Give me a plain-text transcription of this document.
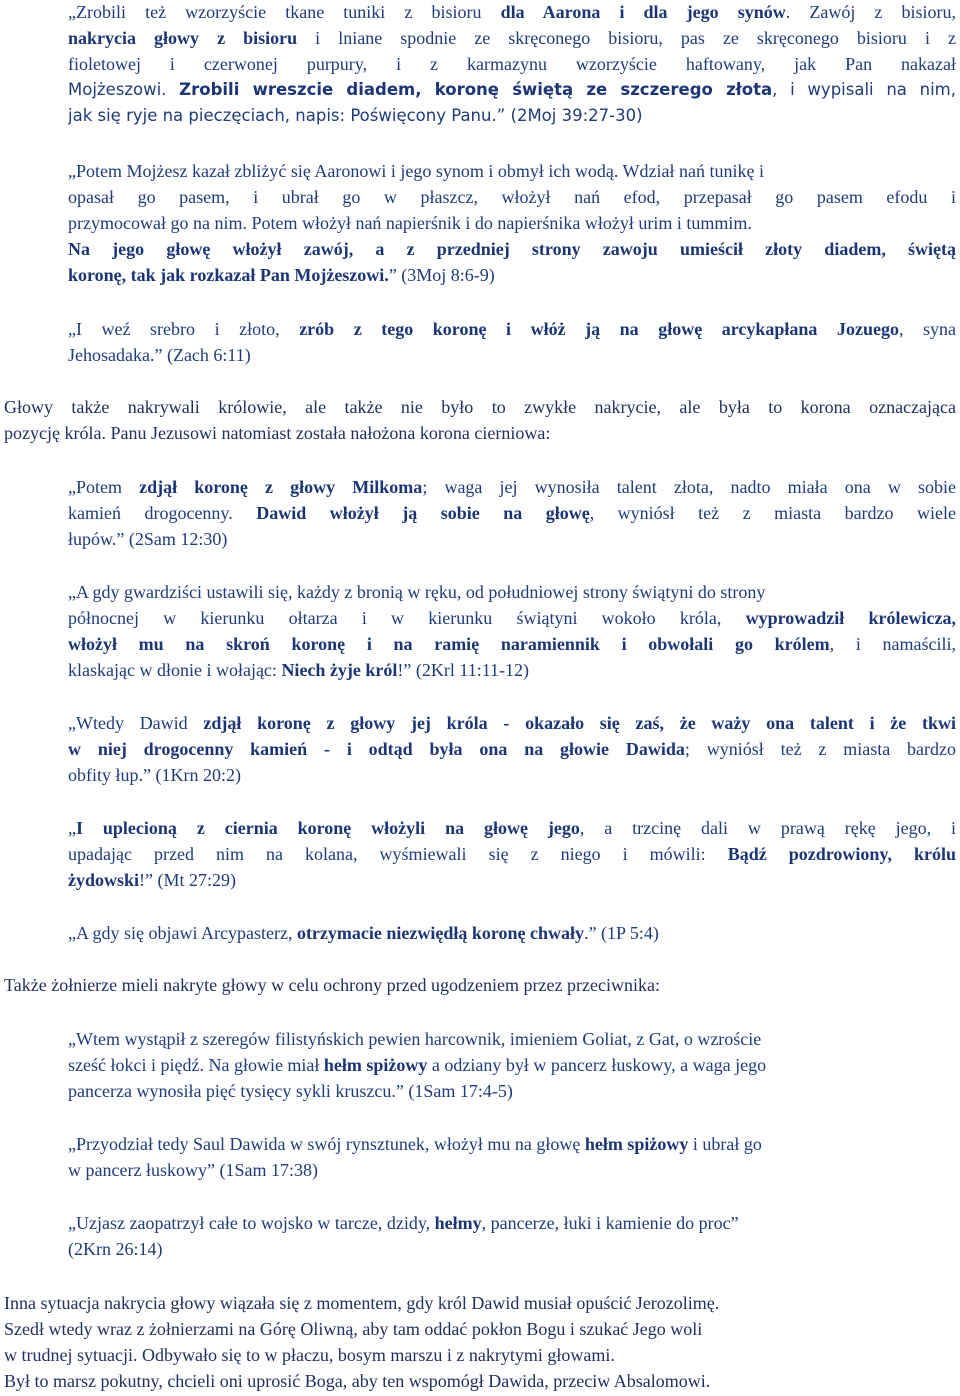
„Zrobili też wzorzyście tkane tuniki z bisioru dla Aarona i dla jego synów. Zawój z bisioru,

nakrycia głowy z bisioru i lniane spodnie ze skręconego bisioru, pas ze skręconego bisioru i z

fioletowej i czerwonej purpury, i z karmazynu wzorzyście haftowany, jak Pan nakazał

Mojżeszowi. Zrobili wreszcie diadem, koronę świętą ze szczerego złota, i wypisali na nim,

jak się ryje na pieczęciach, napis: Poświęcony Panu.” (2Moj 39:27-30)

„Potem Mojżesz kazał zbliżyć się Aaronowi i jego synom i obmył ich wodą. Wdział nań tunikę i

opasał go pasem, i ubrał go w płaszcz, włożył nań efod, przepasał go pasem efodu i

przymocował go na nim. Potem włożył nań napierśnik i do napierśnika włożył urim i tummim.

Na jego głowę włożył zawój, a z przedniej strony zawoju umieścił złoty diadem, świętą

koronę, tak jak rozkazał Pan Mojżeszowi.” (3Moj 8:6-9)

„I weź srebro i złoto, zrób z tego koronę i włóż ją na głowę arcykapłana Jozuego, syna

Jehosadaka.” (Zach 6:11)

Głowy także nakrywali królowie, ale także nie było to zwykłe nakrycie, ale była to korona oznaczająca

pozycję króla. Panu Jezusowi natomiast została nałożona korona cierniowa:

„Potem zdjął koronę z głowy Milkoma; waga jej wynosiła talent złota, nadto miała ona w sobie

kamień drogocenny. Dawid włożył ją sobie na głowę, wyniósł też z miasta bardzo wiele

łupów.” (2Sam 12:30)

„A gdy gwardziści ustawili się, każdy z bronią w ręku, od południowej strony świątyni do strony

północnej w kierunku ołtarza i w kierunku świątyni wokoło króla, wyprowadził królewicza,

włożył mu na skroń koronę i na ramię naramiennik i obwołali go królem, i namaścili,

klaskając w dłonie i wołając: Niech żyje król!” (2Krl 11:11-12)

„Wtedy Dawid zdjął koronę z głowy jej króla - okazało się zaś, że waży ona talent i że tkwi

w niej drogocenny kamień - i odtąd była ona na głowie Dawida; wyniósł też z miasta bardzo

obfity łup.” (1Krn 20:2)

„I uplecioną z ciernia koronę włożyli na głowę jego, a trzcinę dali w prawą rękę jego, i

upadając przed nim na kolana, wyśmiewali się z niego i mówili: Bądź pozdrowiony, królu

żydowski!” (Mt 27:29)

„A gdy się objawi Arcypasterz, otrzymacie niezwiędłą koronę chwały.” (1P 5:4)

Także żołnierze mieli nakryte głowy w celu ochrony przed ugodzeniem przez przeciwnika:

„Wtem wystąpił z szeregów filistyńskich pewien harcownik, imieniem Goliat, z Gat, o wzroście

sześć łokci i piędź. Na głowie miał hełm spiżowy a odziany był w pancerz łuskowy, a waga jego

pancerza wynosiła pięć tysięcy sykli kruszcu.” (1Sam 17:4-5)

„Przyodział tedy Saul Dawida w swój rynsztunek, włożył mu na głowę hełm spiżowy i ubrał go

w pancerz łuskowy” (1Sam 17:38)

„Uzjasz zaopatrzył całe to wojsko w tarcze, dzidy, hełmy, pancerze, łuki i kamienie do proc”

(2Krn 26:14)

Inna sytuacja nakrycia głowy wiązała się z momentem, gdy król Dawid musiał opuścić Jerozolimę.

Szedł wtedy wraz z żołnierzami na Górę Oliwną, aby tam oddać pokłon Bogu i szukać Jego woli

w trudnej sytuacji. Odbywało się to w płaczu, bosym marszu i z nakrytymi głowami.

Był to marsz pokutny, chcieli oni uprosić Boga, aby ten wspomógł Dawida, przeciw Absalomowi.
